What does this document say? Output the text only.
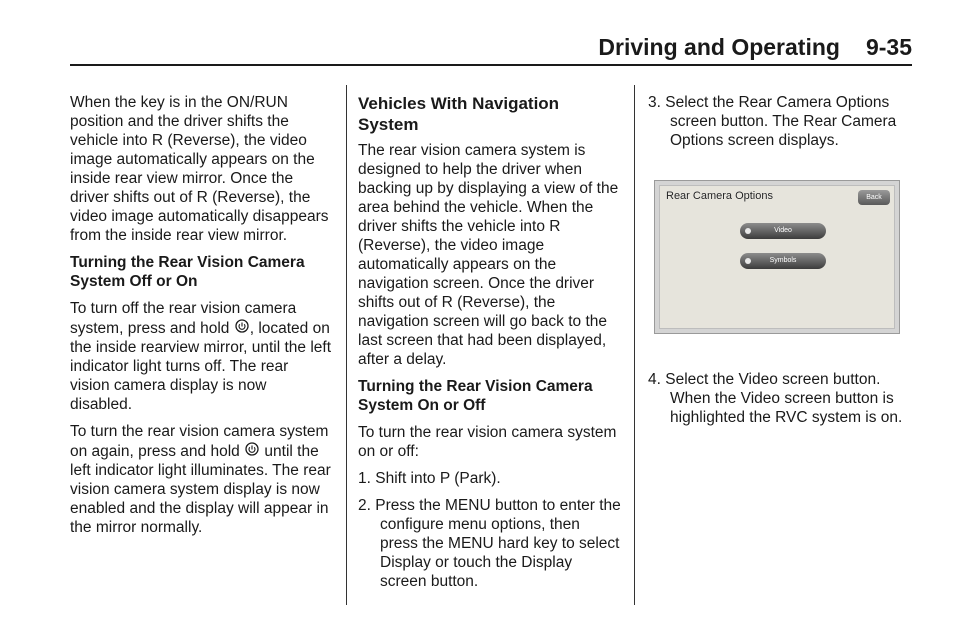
Driving and Operating 9-35

When the key is in the ON/RUN position and the driver shifts the vehicle into R (Reverse), the video image automatically appears on the inside rear view mirror. Once the driver shifts out of R (Reverse), the video image automatically disappears from the inside rear view mirror.

Turning the Rear Vision Camera System Off or On

To turn off the rear vision camera system, press and hold , located on the inside rearview mirror, until the left indicator light turns off. The rear vision camera display is now disabled.

To turn the rear vision camera system on again, press and hold until the left indicator light illuminates. The rear vision camera system display is now enabled and the display will appear in the mirror normally.

Vehicles With Navigation System

The rear vision camera system is designed to help the driver when backing up by displaying a view of the area behind the vehicle. When the driver shifts the vehicle into R (Reverse), the video image automatically appears on the navigation screen. Once the driver shifts out of R (Reverse), the navigation screen will go back to the last screen that had been displayed, after a delay.

Turning the Rear Vision Camera System On or Off

To turn the rear vision camera system on or off:

1. Shift into P (Park).

2. Press the MENU button to enter the configure menu options, then press the MENU hard key to select Display or touch the Display screen button.

3. Select the Rear Camera Options screen button. The Rear Camera Options screen displays.

Rear Camera Options	Back
Video
Symbols

4. Select the Video screen button. When the Video screen button is highlighted the RVC system is on.
